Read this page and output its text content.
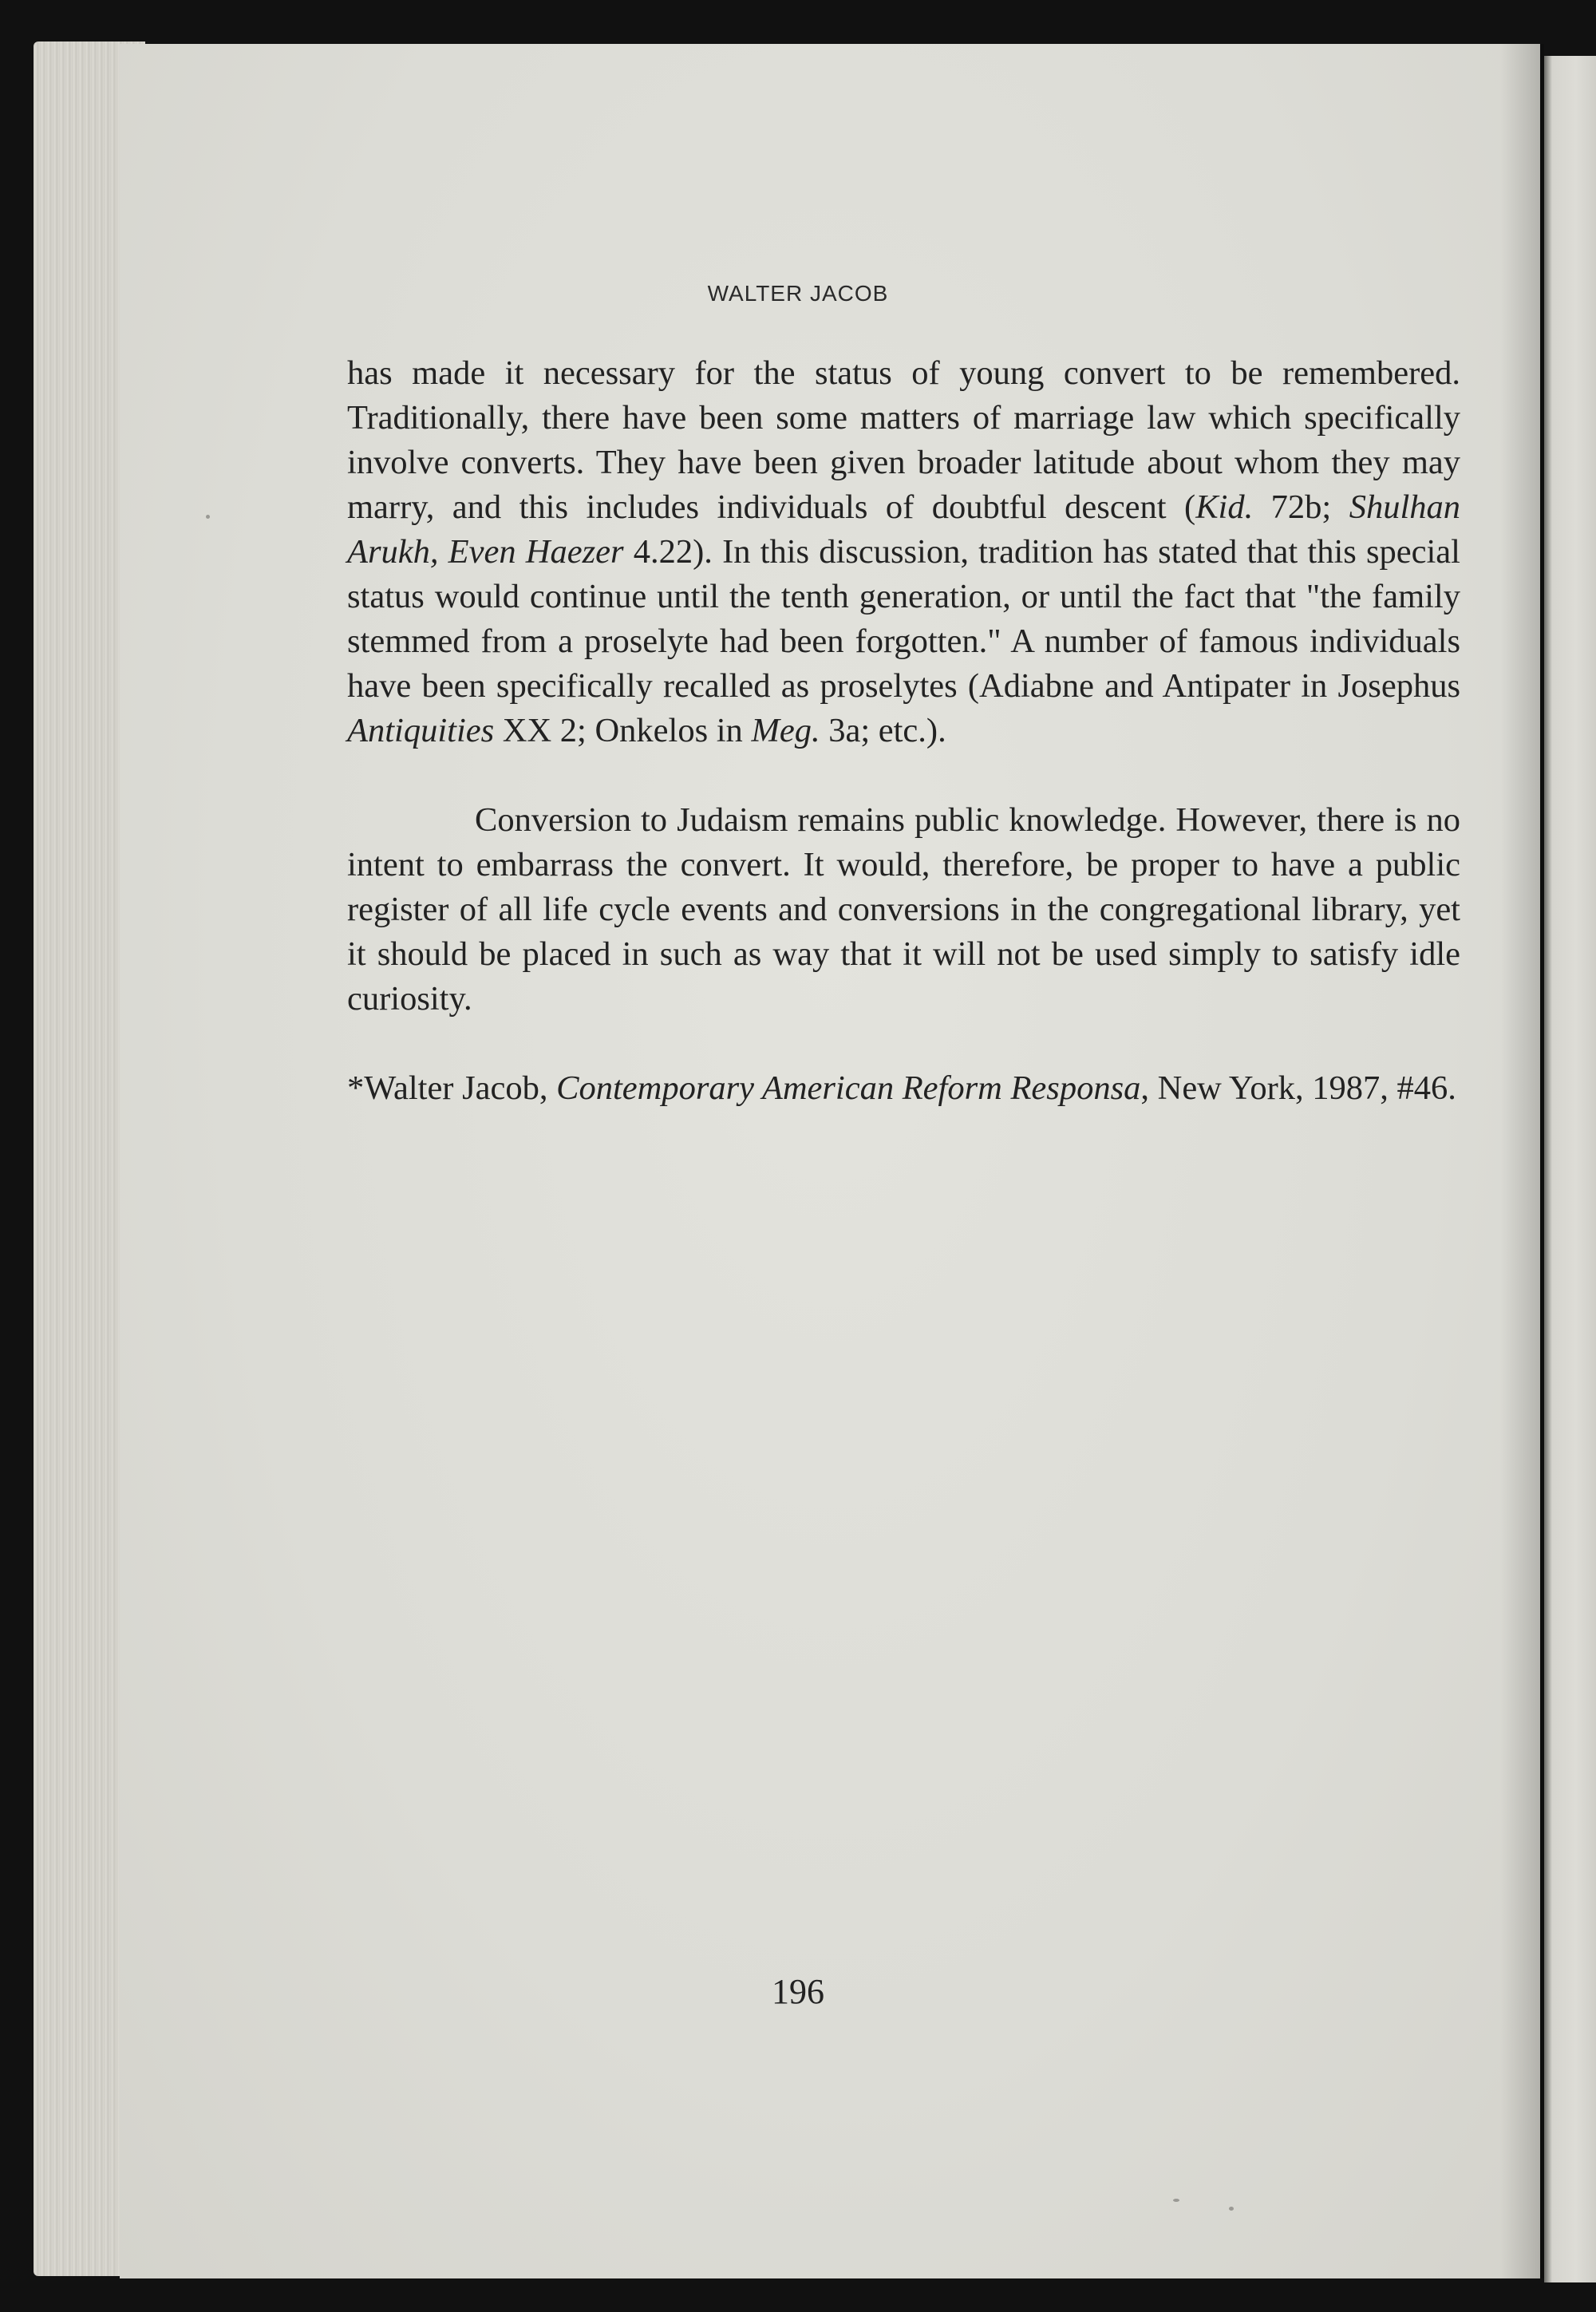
WALTER JACOB

has made it necessary for the status of young convert to be remembered. Traditionally, there have been some matters of marriage law which specifically involve converts. They have been given broader latitude about whom they may marry, and this includes individuals of doubtful descent (Kid. 72b; Shulhan Arukh, Even Haezer 4.22). In this discussion, tradition has stated that this special status would continue until the tenth generation, or until the fact that "the family stemmed from a proselyte had been forgotten." A number of famous individuals have been specifically recalled as proselytes (Adiabne and Antipater in Josephus Antiquities XX 2; Onkelos in Meg. 3a; etc.).

Conversion to Judaism remains public knowledge. However, there is no intent to embarrass the convert. It would, therefore, be proper to have a public register of all life cycle events and conversions in the congregational library, yet it should be placed in such as way that it will not be used simply to satisfy idle curiosity.

*Walter Jacob, Contemporary American Reform Responsa, New York, 1987, #46.

196
